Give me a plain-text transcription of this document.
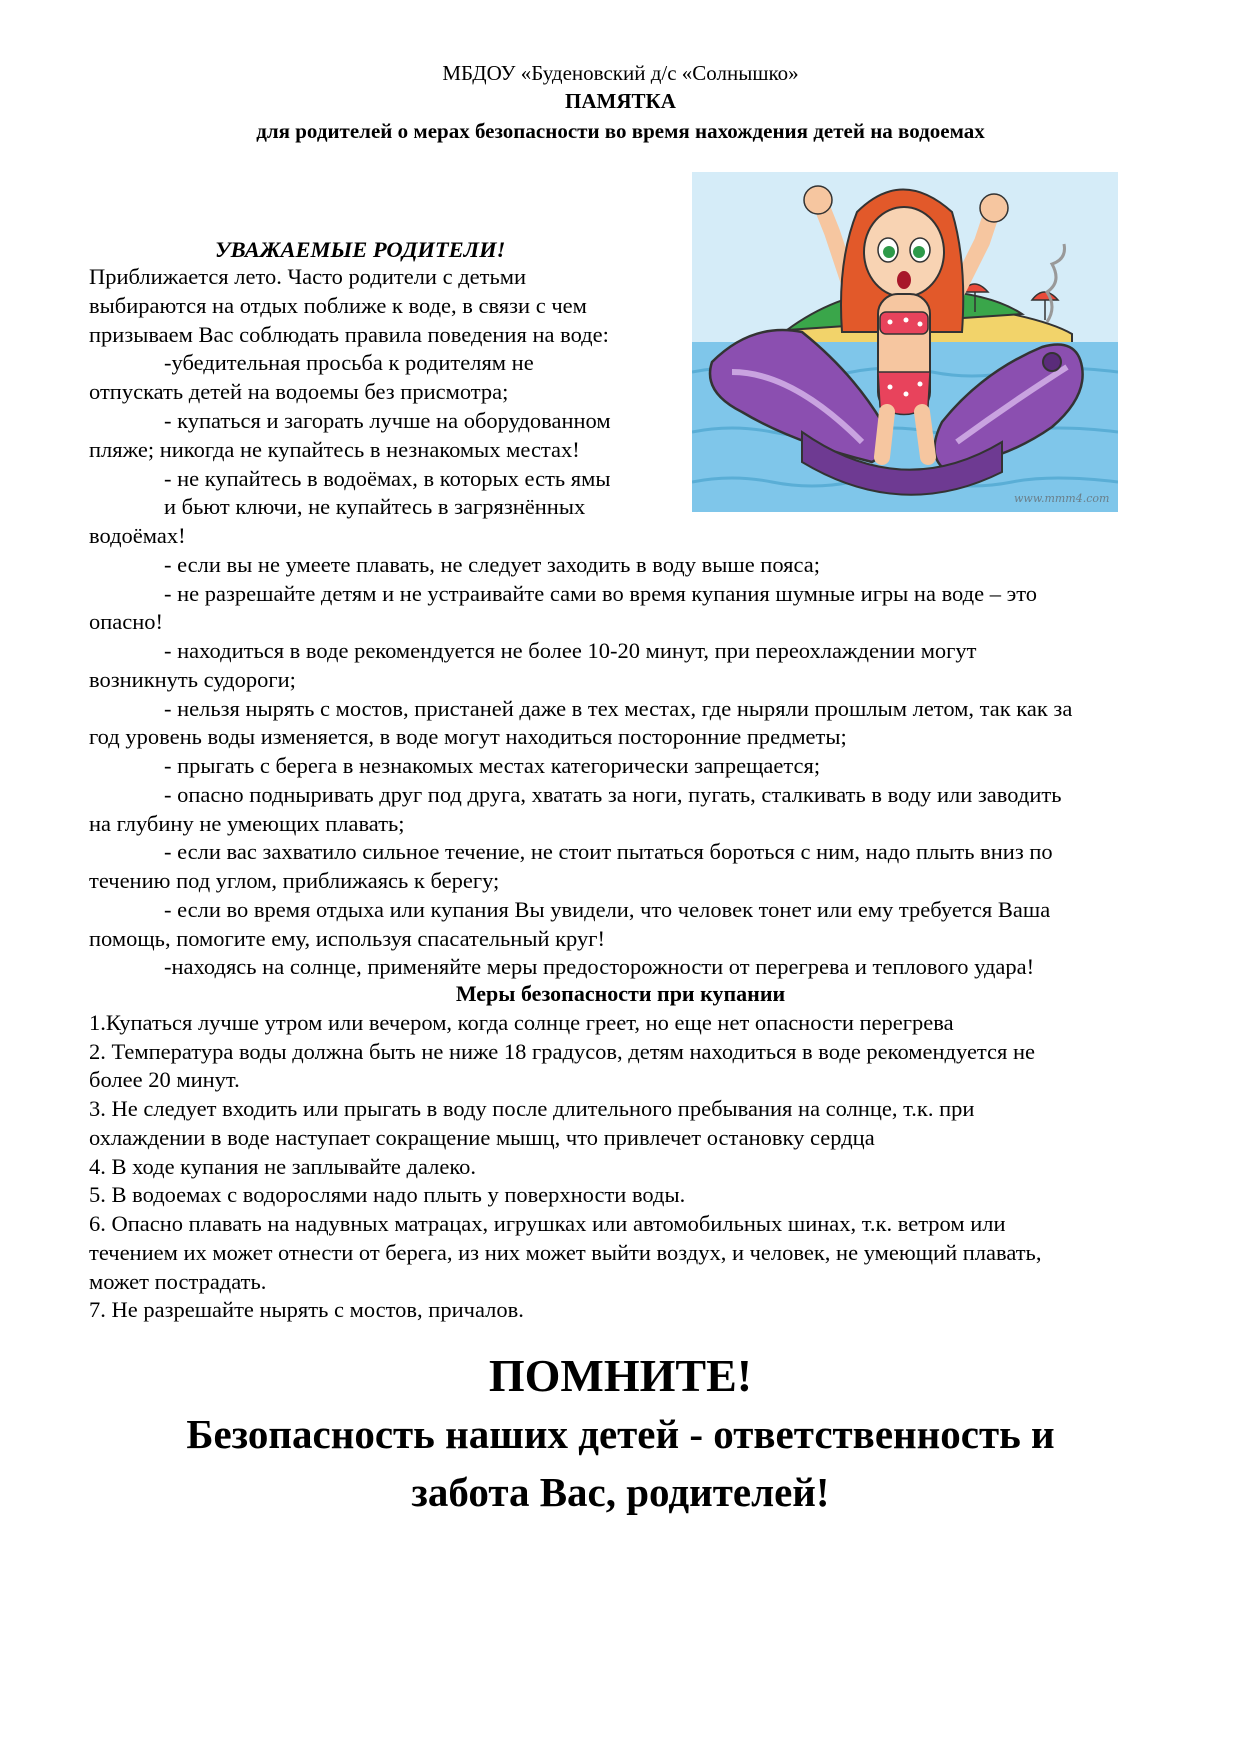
МБДОУ «Буденовский д/с «Солнышко»
ПАМЯТКА
для родителей о мерах безопасности во время нахождения детей на водоемах
www.mmm4.com
УВАЖАЕМЫЕ РОДИТЕЛИ!
Приближается лето. Часто родители с детьми
выбираются на отдых поближе к воде, в связи с чем
призываем Вас соблюдать правила поведения на воде:
-убедительная просьба к родителям не
отпускать детей на водоемы без присмотра;
- купаться и загорать лучше на оборудованном
пляже; никогда не купайтесь в незнакомых местах!
- не купайтесь в водоёмах, в которых есть ямы
и бьют ключи, не купайтесь в загрязнённых
водоёмах!
- если вы не умеете плавать, не следует заходить в воду выше пояса;
- не разрешайте детям и не устраивайте сами во время купания шумные игры на воде – это
опасно!
- находиться в воде рекомендуется не более 10-20 минут, при переохлаждении могут
возникнуть судороги;
- нельзя нырять с мостов, пристаней даже в тех местах, где ныряли прошлым летом, так как за
год уровень воды изменяется, в воде могут находиться посторонние предметы;
- прыгать с берега в незнакомых местах категорически запрещается;
- опасно подныривать друг под друга, хватать за ноги, пугать, сталкивать в воду или заводить
на глубину не умеющих плавать;
- если вас захватило сильное течение, не стоит пытаться бороться с ним, надо плыть вниз по
течению под углом, приближаясь к берегу;
- если во время отдыха или купания Вы увидели, что человек тонет или ему требуется Ваша
помощь, помогите ему, используя спасательный круг!
-находясь на солнце, применяйте меры предосторожности от перегрева и теплового удара!
Меры безопасности при купании
1.Купаться лучше утром или вечером, когда солнце греет, но еще нет опасности перегрева
2. Температура воды должна быть не ниже 18 градусов, детям находиться в воде рекомендуется не
более 20 минут.
3. Не следует входить или прыгать в воду после длительного пребывания на солнце, т.к. при
охлаждении в воде наступает сокращение мышц, что привлечет остановку сердца
4. В ходе купания не заплывайте далеко.
5. В водоемах с водорослями надо плыть у поверхности воды.
6. Опасно плавать на надувных матрацах, игрушках или автомобильных шинах, т.к. ветром или
течением их может отнести от берега, из них может выйти воздух, и человек, не умеющий плавать,
может пострадать.
7. Не разрешайте нырять с мостов, причалов.
ПОМНИТЕ!
Безопасность наших детей - ответственность и
забота Вас, родителей!
